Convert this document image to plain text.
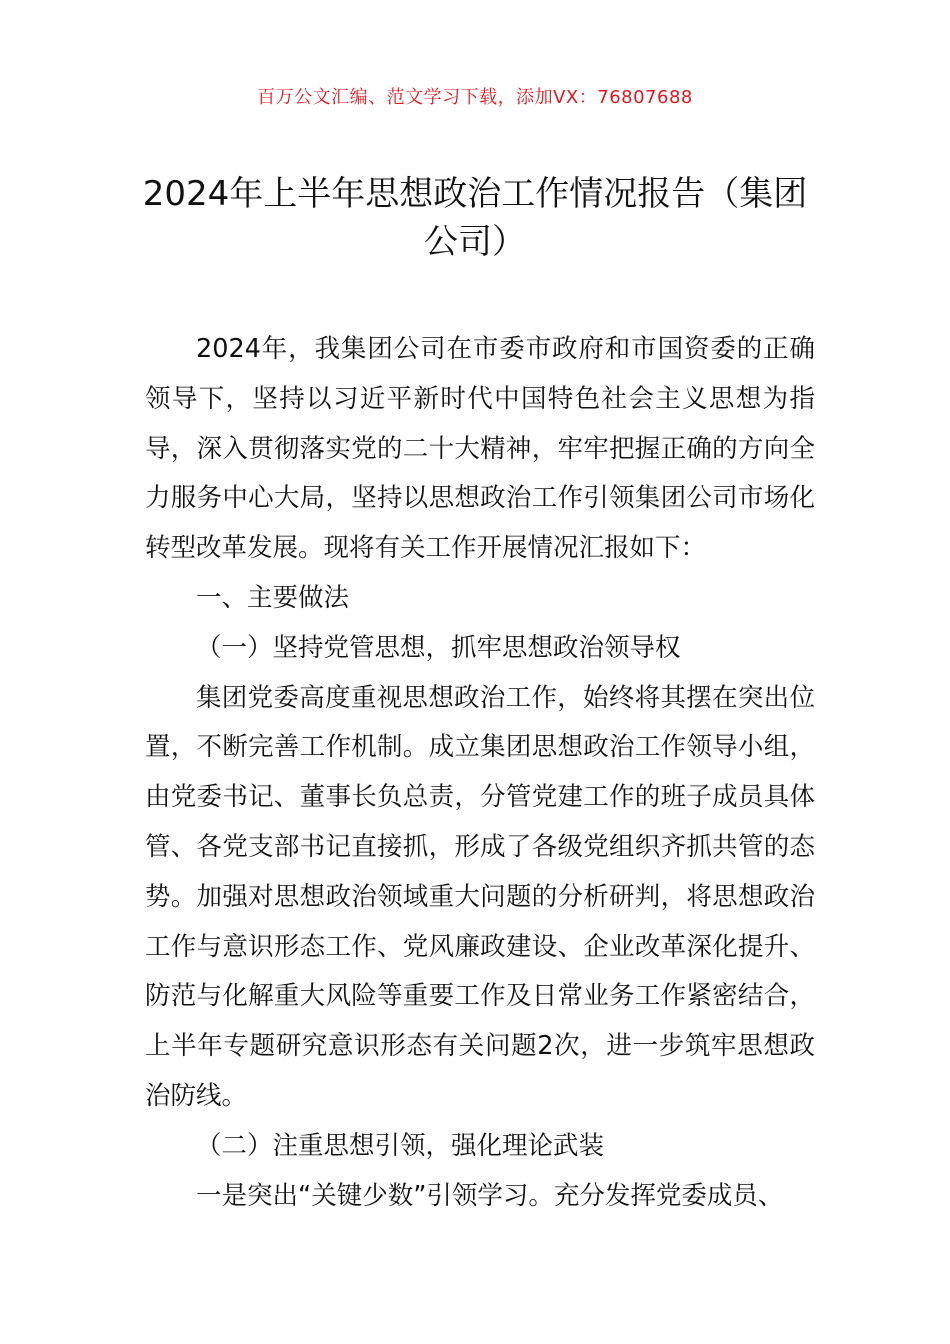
百万公文汇编、范文学习下载，添加VX：76807688
2024年上半年思想政治工作情况报告（集团公司）

2024年，我集团公司在市委市政府和市国资委的正确领导下，坚持以习近平新时代中国特色社会主义思想为指导，深入贯彻落实党的二十大精神，牢牢把握正确的方向全力服务中心大局，坚持以思想政治工作引领集团公司市场化转型改革发展。现将有关工作开展情况汇报如下：

一、主要做法

（一）坚持党管思想，抓牢思想政治领导权

集团党委高度重视思想政治工作，始终将其摆在突出位置，不断完善工作机制。成立集团思想政治工作领导小组，由党委书记、董事长负总责，分管党建工作的班子成员具体管、各党支部书记直接抓，形成了各级党组织齐抓共管的态势。加强对思想政治领域重大问题的分析研判，将思想政治工作与意识形态工作、党风廉政建设、企业改革深化提升、防范与化解重大风险等重要工作及日常业务工作紧密结合，上半年专题研究意识形态有关问题2次，进一步筑牢思想政治防线。

（二）注重思想引领，强化理论武装

一是突出“关键少数”引领学习。充分发挥党委成员、
